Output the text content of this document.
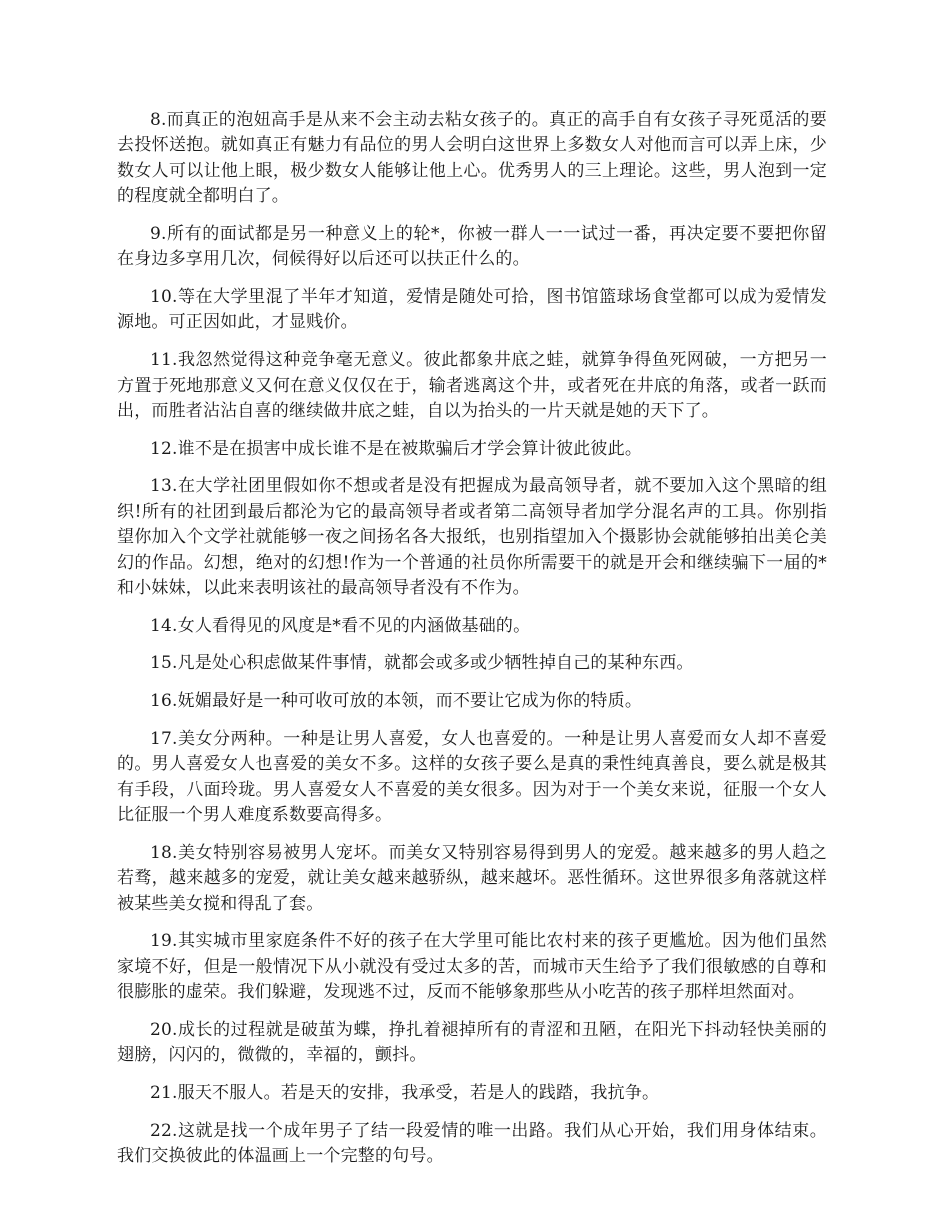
8.而真正的泡妞高手是从来不会主动去粘女孩子的。真正的高手自有女孩子寻死觅活的要去投怀送抱。就如真正有魅力有品位的男人会明白这世界上多数女人对他而言可以弄上床，少数女人可以让他上眼，极少数女人能够让他上心。优秀男人的三上理论。这些，男人泡到一定的程度就全都明白了。

9.所有的面试都是另一种意义上的轮*，你被一群人一一试过一番，再决定要不要把你留在身边多享用几次，伺候得好以后还可以扶正什么的。

10.等在大学里混了半年才知道，爱情是随处可拾，图书馆篮球场食堂都可以成为爱情发源地。可正因如此，才显贱价。

11.我忽然觉得这种竞争毫无意义。彼此都象井底之蛙，就算争得鱼死网破，一方把另一方置于死地那意义又何在意义仅仅在于，输者逃离这个井，或者死在井底的角落，或者一跃而出，而胜者沾沾自喜的继续做井底之蛙，自以为抬头的一片天就是她的天下了。

12.谁不是在损害中成长谁不是在被欺骗后才学会算计彼此彼此。

13.在大学社团里假如你不想或者是没有把握成为最高领导者，就不要加入这个黑暗的组织!所有的社团到最后都沦为它的最高领导者或者第二高领导者加学分混名声的工具。你别指望你加入个文学社就能够一夜之间扬名各大报纸，也别指望加入个摄影协会就能够拍出美仑美幻的作品。幻想，绝对的幻想!作为一个普通的社员你所需要干的就是开会和继续骗下一届的*和小妹妹，以此来表明该社的最高领导者没有不作为。

14.女人看得见的风度是*看不见的内涵做基础的。

15.凡是处心积虑做某件事情，就都会或多或少牺牲掉自己的某种东西。

16.妩媚最好是一种可收可放的本领，而不要让它成为你的特质。

17.美女分两种。一种是让男人喜爱，女人也喜爱的。一种是让男人喜爱而女人却不喜爱的。男人喜爱女人也喜爱的美女不多。这样的女孩子要么是真的秉性纯真善良，要么就是极其有手段，八面玲珑。男人喜爱女人不喜爱的美女很多。因为对于一个美女来说，征服一个女人比征服一个男人难度系数要高得多。

18.美女特别容易被男人宠坏。而美女又特别容易得到男人的宠爱。越来越多的男人趋之若骛，越来越多的宠爱，就让美女越来越骄纵，越来越坏。恶性循环。这世界很多角落就这样被某些美女搅和得乱了套。

19.其实城市里家庭条件不好的孩子在大学里可能比农村来的孩子更尴尬。因为他们虽然家境不好，但是一般情况下从小就没有受过太多的苦，而城市天生给予了我们很敏感的自尊和很膨胀的虚荣。我们躲避，发现逃不过，反而不能够象那些从小吃苦的孩子那样坦然面对。

20.成长的过程就是破茧为蝶，挣扎着褪掉所有的青涩和丑陋，在阳光下抖动轻快美丽的翅膀，闪闪的，微微的，幸福的，颤抖。

21.服天不服人。若是天的安排，我承受，若是人的践踏，我抗争。

22.这就是找一个成年男子了结一段爱情的唯一出路。我们从心开始，我们用身体结束。我们交换彼此的体温画上一个完整的句号。
